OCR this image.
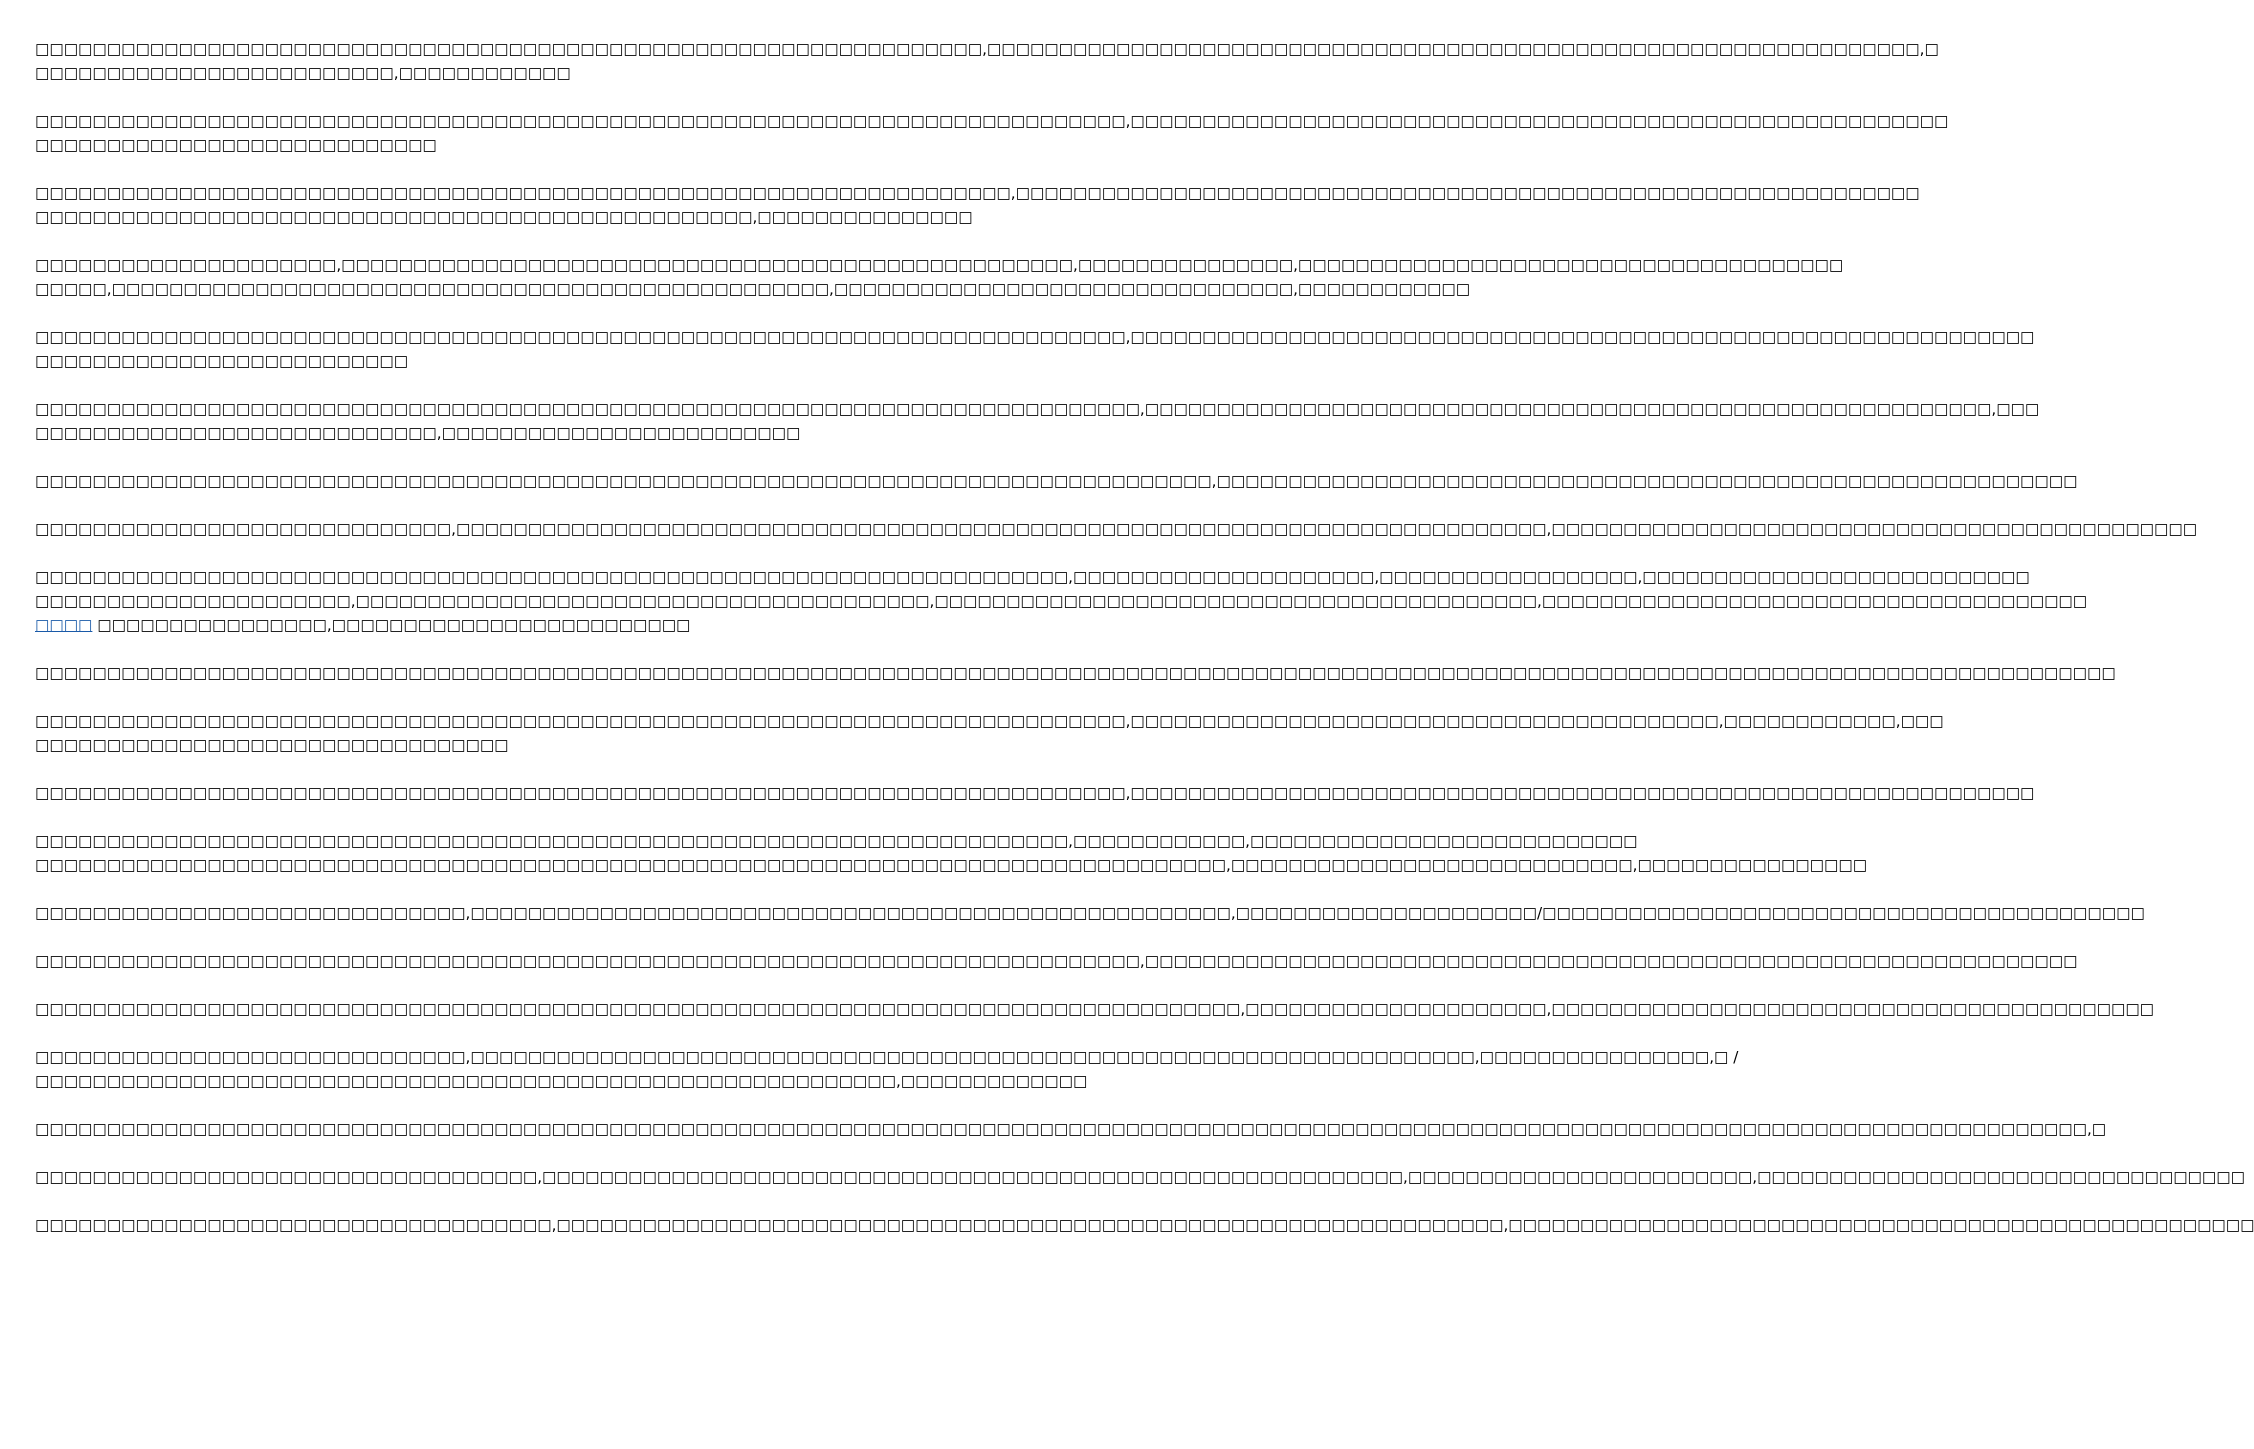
□□□□□□□□□□□□□□□□□□□□□□□□□□□□□□□□□□□□□□□□□□□□□□□□□□□□□□□□□□□□□□□□□□,□□□□□□□□□□□□□□□□□□□□□□□□□□□□□□□□□□□□□□□□□□□□□□□□□□□□□□□□□□□□□□□□□,□
□□□□□□□□□□□□□□□□□□□□□□□□□,□□□□□□□□□□□□
□□□□□□□□□□□□□□□□□□□□□□□□□□□□□□□□□□□□□□□□□□□□□□□□□□□□□□□□□□□□□□□□□□□□□□□□□□□□,□□□□□□□□□□□□□□□□□□□□□□□□□□□□□□□□□□□□□□□□□□□□□□□□□□□□□□□□□
□□□□□□□□□□□□□□□□□□□□□□□□□□□□
□□□□□□□□□□□□□□□□□□□□□□□□□□□□□□□□□□□□□□□□□□□□□□□□□□□□□□□□□□□□□□□□□□□□,□□□□□□□□□□□□□□□□□□□□□□□□□□□□□□□□□□□□□□□□□□□□□□□□□□□□□□□□□□□□□□□
□□□□□□□□□□□□□□□□□□□□□□□□□□□□□□□□□□□□□□□□□□□□□□□□□□,□□□□□□□□□□□□□□□
□□□□□□□□□□□□□□□□□□□□□,□□□□□□□□□□□□□□□□□□□□□□□□□□□□□□□□□□□□□□□□□□□□□□□□□□□,□□□□□□□□□□□□□□□,□□□□□□□□□□□□□□□□□□□□□□□□□□□□□□□□□□□□□□
□□□□□,□□□□□□□□□□□□□□□□□□□□□□□□□□□□□□□□□□□□□□□□□□□□□□□□□□,□□□□□□□□□□□□□□□□□□□□□□□□□□□□□□□□,□□□□□□□□□□□□
□□□□□□□□□□□□□□□□□□□□□□□□□□□□□□□□□□□□□□□□□□□□□□□□□□□□□□□□□□□□□□□□□□□□□□□□□□□□,□□□□□□□□□□□□□□□□□□□□□□□□□□□□□□□□□□□□□□□□□□□□□□□□□□□□□□□□□□□□□□□
□□□□□□□□□□□□□□□□□□□□□□□□□□
□□□□□□□□□□□□□□□□□□□□□□□□□□□□□□□□□□□□□□□□□□□□□□□□□□□□□□□□□□□□□□□□□□□□□□□□□□□□□,□□□□□□□□□□□□□□□□□□□□□□□□□□□□□□□□□□□□□□□□□□□□□□□□□□□□□□□□□□□,□□□
□□□□□□□□□□□□□□□□□□□□□□□□□□□□,□□□□□□□□□□□□□□□□□□□□□□□□□
□□□□□□□□□□□□□□□□□□□□□□□□□□□□□□□□□□□□□□□□□□□□□□□□□□□□□□□□□□□□□□□□□□□□□□□□□□□□□□□□□□,□□□□□□□□□□□□□□□□□□□□□□□□□□□□□□□□□□□□□□□□□□□□□□□□□□□□□□□□□□□□
□□□□□□□□□□□□□□□□□□□□□□□□□□□□□,□□□□□□□□□□□□□□□□□□□□□□□□□□□□□□□□□□□□□□□□□□□□□□□□□□□□□□□□□□□□□□□□□□□□□□□□□□□□,□□□□□□□□□□□□□□□□□□□□□□□□□□□□□□□□□□□□□□□□□□□□□
□□□□□□□□□□□□□□□□□□□□□□□□□□□□□□□□□□□□□□□□□□□□□□□□□□□□□□□□□□□□□□□□□□□□□□□□,□□□□□□□□□□□□□□□□□□□□□,□□□□□□□□□□□□□□□□□□,□□□□□□□□□□□□□□□□□□□□□□□□□□□
□□□□□□□□□□□□□□□□□□□□□□,□□□□□□□□□□□□□□□□□□□□□□□□□□□□□□□□□□□□□□□□,□□□□□□□□□□□□□□□□□□□□□□□□□□□□□□□□□□□□□□□□□□,□□□□□□□□□□□□□□□□□□□□□□□□□□□□□□□□□□□□□□
□□□□ □□□□□□□□□□□□□□□□,□□□□□□□□□□□□□□□□□□□□□□□□□
□□□□□□□□□□□□□□□□□□□□□□□□□□□□□□□□□□□□□□□□□□□□□□□□□□□□□□□□□□□□□□□□□□□□□□□□□□□□□□□□□□□□□□□□□□□□□□□□□□□□□□□□□□□□□□□□□□□□□□□□□□□□□□□□□□□□□□□□□□□□□□□□□
□□□□□□□□□□□□□□□□□□□□□□□□□□□□□□□□□□□□□□□□□□□□□□□□□□□□□□□□□□□□□□□□□□□□□□□□□□□□,□□□□□□□□□□□□□□□□□□□□□□□□□□□□□□□□□□□□□□□□□,□□□□□□□□□□□□,□□□
□□□□□□□□□□□□□□□□□□□□□□□□□□□□□□□□□
□□□□□□□□□□□□□□□□□□□□□□□□□□□□□□□□□□□□□□□□□□□□□□□□□□□□□□□□□□□□□□□□□□□□□□□□□□□□,□□□□□□□□□□□□□□□□□□□□□□□□□□□□□□□□□□□□□□□□□□□□□□□□□□□□□□□□□□□□□□□
□□□□□□□□□□□□□□□□□□□□□□□□□□□□□□□□□□□□□□□□□□□□□□□□□□□□□□□□□□□□□□□□□□□□□□□□,□□□□□□□□□□□□,□□□□□□□□□□□□□□□□□□□□□□□□□□□
□□□□□□□□□□□□□□□□□□□□□□□□□□□□□□□□□□□□□□□□□□□□□□□□□□□□□□□□□□□□□□□□□□□□□□□□□□□□□□□□□□□,□□□□□□□□□□□□□□□□□□□□□□□□□□□□,□□□□□□□□□□□□□□□□
□□□□□□□□□□□□□□□□□□□□□□□□□□□□□□,□□□□□□□□□□□□□□□□□□□□□□□□□□□□□□□□□□□□□□□□□□□□□□□□□□□□□,□□□□□□□□□□□□□□□□□□□□□/□□□□□□□□□□□□□□□□□□□□□□□□□□□□□□□□□□□□□□□□□□
□□□□□□□□□□□□□□□□□□□□□□□□□□□□□□□□□□□□□□□□□□□□□□□□□□□□□□□□□□□□□□□□□□□□□□□□□□□□□,□□□□□□□□□□□□□□□□□□□□□□□□□□□□□□□□□□□□□□□□□□□□□□□□□□□□□□□□□□□□□□□□□
□□□□□□□□□□□□□□□□□□□□□□□□□□□□□□□□□□□□□□□□□□□□□□□□□□□□□□□□□□□□□□□□□□□□□□□□□□□□□□□□□□□□,□□□□□□□□□□□□□□□□□□□□□,□□□□□□□□□□□□□□□□□□□□□□□□□□□□□□□□□□□□□□□□□□
□□□□□□□□□□□□□□□□□□□□□□□□□□□□□□,□□□□□□□□□□□□□□□□□□□□□□□□□□□□□□□□□□□□□□□□□□□□□□□□□□□□□□□□□□□□□□□□□□□□□□,□□□□□□□□□□□□□□□□,□ /
□□□□□□□□□□□□□□□□□□□□□□□□□□□□□□□□□□□□□□□□□□□□□□□□□□□□□□□□□□□□,□□□□□□□□□□□□□
□□□□□□□□□□□□□□□□□□□□□□□□□□□□□□□□□□□□□□□□□□□□□□□□□□□□□□□□□□□□□□□□□□□□□□□□□□□□□□□□□□□□□□□□□□□□□□□□□□□□□□□□□□□□□□□□□□□□□□□□□□□□□□□□□□□□□□□□□□□□□□□,□
□□□□□□□□□□□□□□□□□□□□□□□□□□□□□□□□□□□,□□□□□□□□□□□□□□□□□□□□□□□□□□□□□□□□□□□□□□□□□□□□□□□□□□□□□□□□□□□□,□□□□□□□□□□□□□□□□□□□□□□□□,□□□□□□□□□□□□□□□□□□□□□□□□□□□□□□□□□□
□□□□□□□□□□□□□□□□□□□□□□□□□□□□□□□□□□□□,□□□□□□□□□□□□□□□□□□□□□□□□□□□□□□□□□□□□□□□□□□□□□□□□□□□□□□□□□□□□□□□□□□,□□□□□□□□□□□□□□□□□□□□□□□□□□□□□□□□□□□□□□□□□□□□□□□□□□□□
